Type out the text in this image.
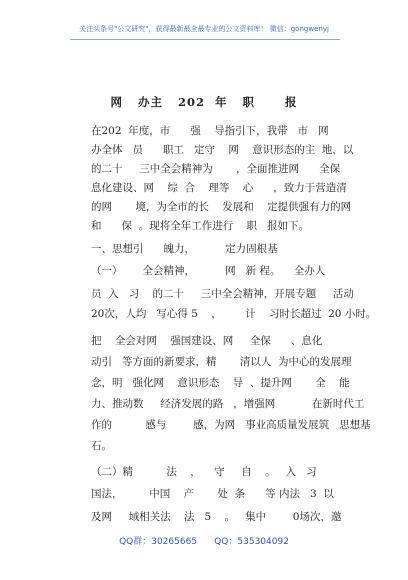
关注头条号"公文研究"，获得最新最全最专业的公文资料库！ 微信：gongwenyj
网   办主   202  年   职      报
在202  年度，市      强    导指引下，我带   市   网
办全体   员      职工   定守    网    意识形态的主  地，以
的二十     三中全会精神为       ，全面推进网      全保
息化建设、网    综  合    理等    心      ，致力于营造清
的网       境，为全市的长    发展和    定提供强有力的网
和      保  。现将全年工作进行    职   报如下。
一、思想引      魄力，         定力固根基
（一）      全会精神，         网   新 程。    全办人
员  入   习    的二十     三中全会精神，开展专题     活动
20次，人均   写心得 5    ，       计    习时长超过  20 小时。
把    全会对网    强国建设、网     全保      、息化
动引   等方面的新要求，精       清以人  为中心的发展理
念，明   强化网    意识形态    导  、提升网       全    能
力、推动数     经济发展的路   ，增强网           在新时代工
作的          感与        感，为网   事业高质量发展筑   思想基
石。
（二）精          法    ，    守     自    。   入   习
国法，        中国    产       处  条      等 内法   3  以
及网     域相关法    法   5    。   集中        0场次，邀
QQ群：30265665 QQ：535304092
